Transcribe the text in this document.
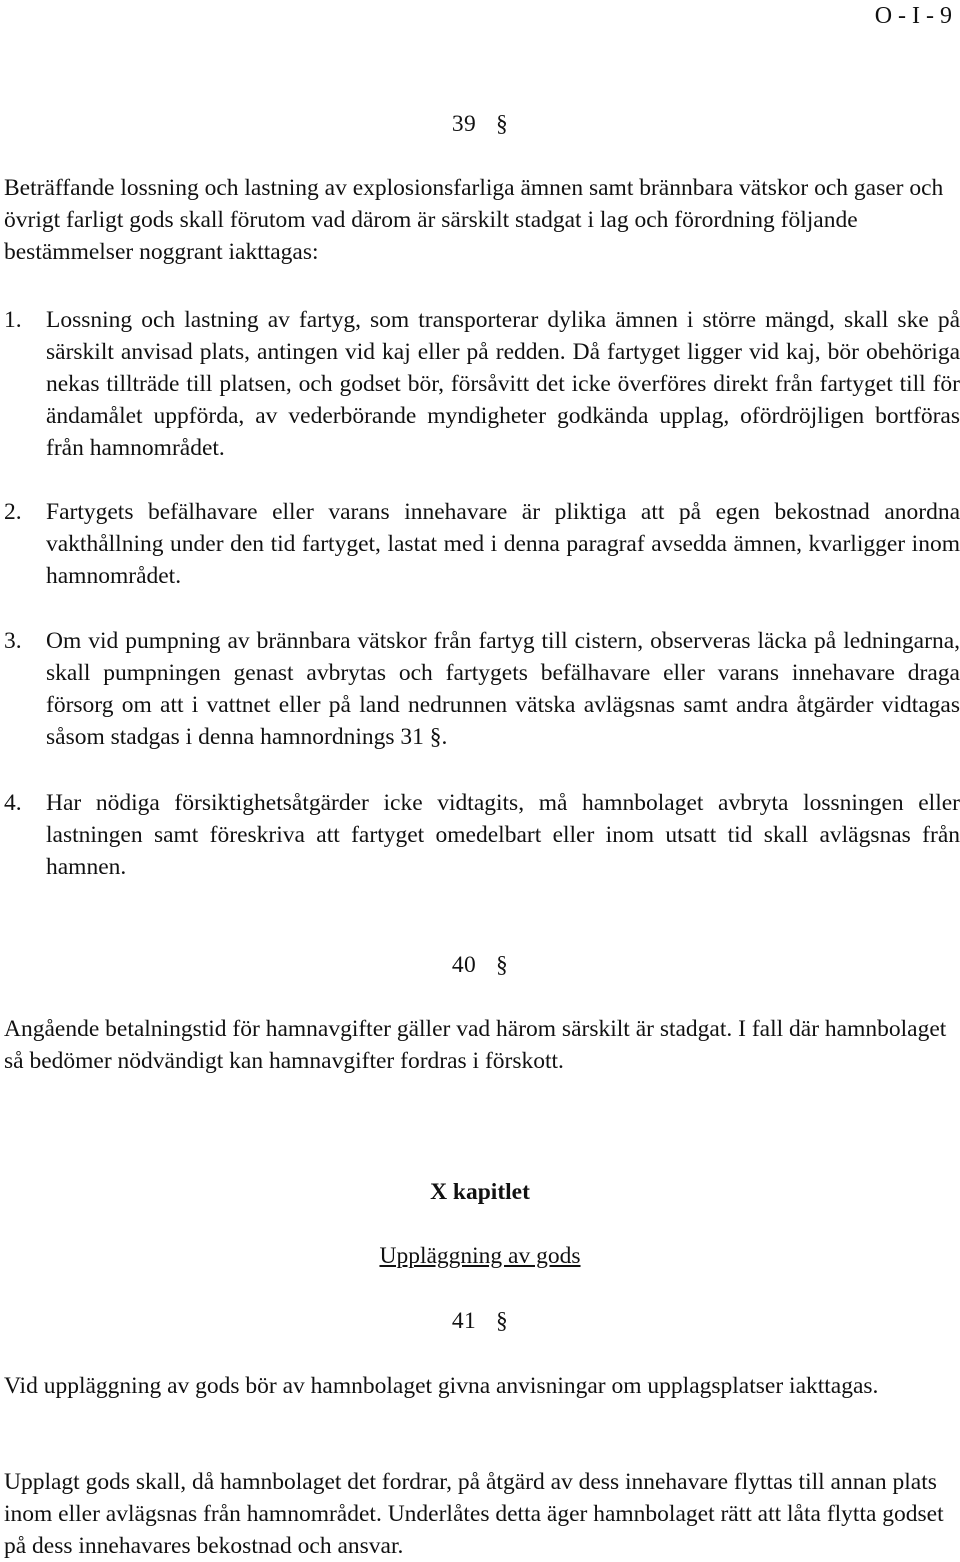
O - I - 9
39 §

Beträffande lossning och lastning av explosionsfarliga ämnen samt brännbara vätskor och gaser och övrigt farligt gods skall förutom vad därom är särskilt stadgat i lag och förordning följande bestämmelser noggrant iakttagas:

1. Lossning och lastning av fartyg, som transporterar dylika ämnen i större mängd, skall ske på särskilt anvisad plats, antingen vid kaj eller på redden. Då fartyget ligger vid kaj, bör obehöriga nekas tillträde till platsen, och godset bör, försåvitt det icke överföres direkt från fartyget till för ändamålet uppförda, av vederbörande myndigheter godkända upplag, ofördröjligen bortföras från hamnområdet.
2. Fartygets befälhavare eller varans innehavare är pliktiga att på egen bekostnad anordna vakthållning under den tid fartyget, lastat med i denna paragraf avsedda ämnen, kvarligger inom hamnområdet.
3. Om vid pumpning av brännbara vätskor från fartyg till cistern, observeras läcka på ledningarna, skall pumpningen genast avbrytas och fartygets befälhavare eller varans innehavare draga försorg om att i vattnet eller på land nedrunnen vätska avlägsnas samt andra åtgärder vidtagas såsom stadgas i denna hamnordnings 31 §.
4. Har nödiga försiktighetsåtgärder icke vidtagits, må hamnbolaget avbryta lossningen eller lastningen samt föreskriva att fartyget omedelbart eller inom utsatt tid skall avlägsnas från hamnen.
40 §

Angående betalningstid för hamnavgifter gäller vad härom särskilt är stadgat. I fall där hamnbolaget så bedömer nödvändigt kan hamnavgifter fordras i förskott.

X kapitlet
Uppläggning av gods
41 §

Vid uppläggning av gods bör av hamnbolaget givna anvisningar om upplagsplatser iakttagas.

Upplagt gods skall, då hamnbolaget det fordrar, på åtgärd av dess innehavare flyttas till annan plats inom eller avlägsnas från hamnområdet. Underlåtes detta äger hamnbolaget rätt att låta flytta godset på dess innehavares bekostnad och ansvar.
